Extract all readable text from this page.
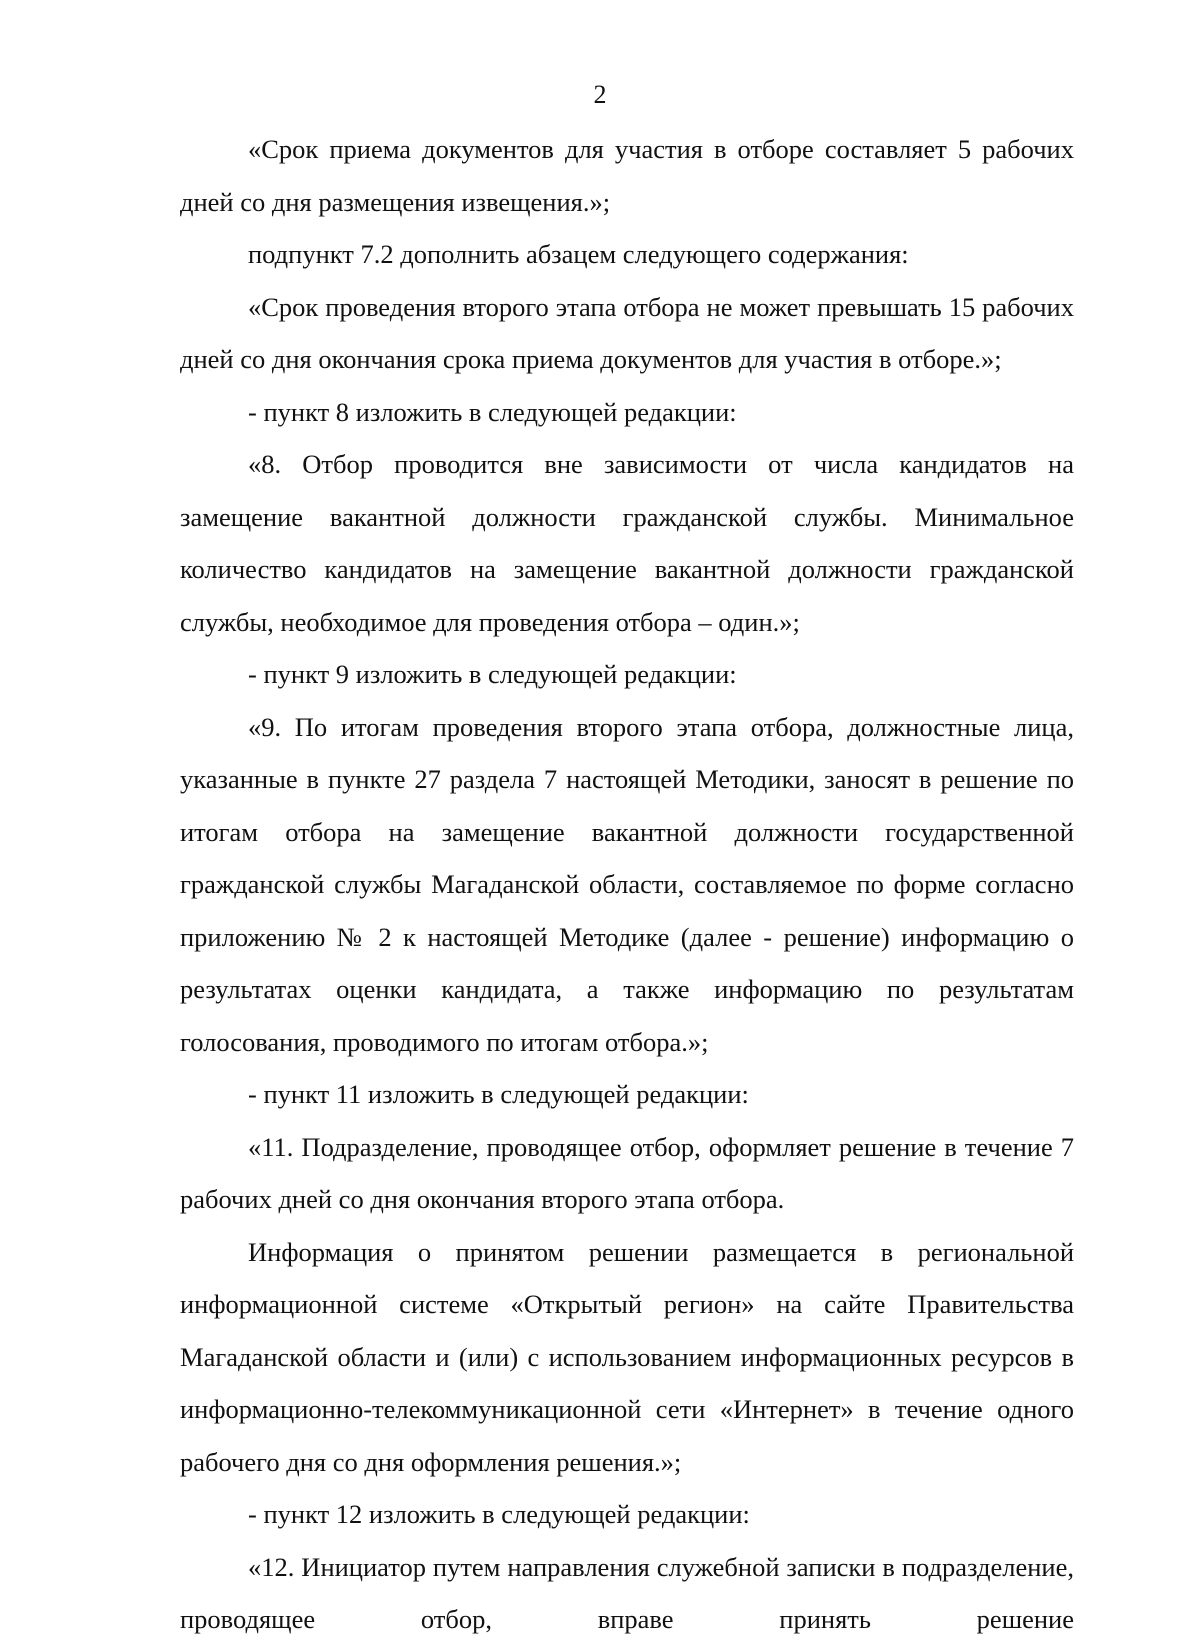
2

«Срок приема документов для участия в отборе составляет 5 рабочих дней со дня размещения извещения.»;

подпункт 7.2 дополнить абзацем следующего содержания:

«Срок проведения второго этапа отбора не может превышать 15 рабочих дней со дня окончания срока приема документов для участия в отборе.»;

- пункт 8 изложить в следующей редакции:

«8. Отбор проводится вне зависимости от числа кандидатов на замещение вакантной должности гражданской службы. Минимальное количество кандидатов на замещение вакантной должности гражданской службы, необходимое для проведения отбора – один.»;

- пункт 9 изложить в следующей редакции:

«9. По итогам проведения второго этапа отбора, должностные лица, указанные в пункте 27 раздела 7 настоящей Методики, заносят в решение по итогам отбора на замещение вакантной должности государственной гражданской службы Магаданской области, составляемое по форме согласно приложению № 2 к настоящей Методике (далее - решение) информацию о результатах оценки кандидата, а также информацию по результатам голосования, проводимого по итогам отбора.»;

- пункт 11 изложить в следующей редакции:

«11. Подразделение, проводящее отбор, оформляет решение в течение 7 рабочих дней со дня окончания второго этапа отбора.

Информация о принятом решении размещается в региональной информационной системе «Открытый регион» на сайте Правительства Магаданской области и (или) с использованием информационных ресурсов в информационно-телекоммуникационной сети «Интернет» в течение одного рабочего дня со дня оформления решения.»;

- пункт 12 изложить в следующей редакции:

«12. Инициатор путем направления служебной записки в подразделение, проводящее отбор, вправе принять решение
